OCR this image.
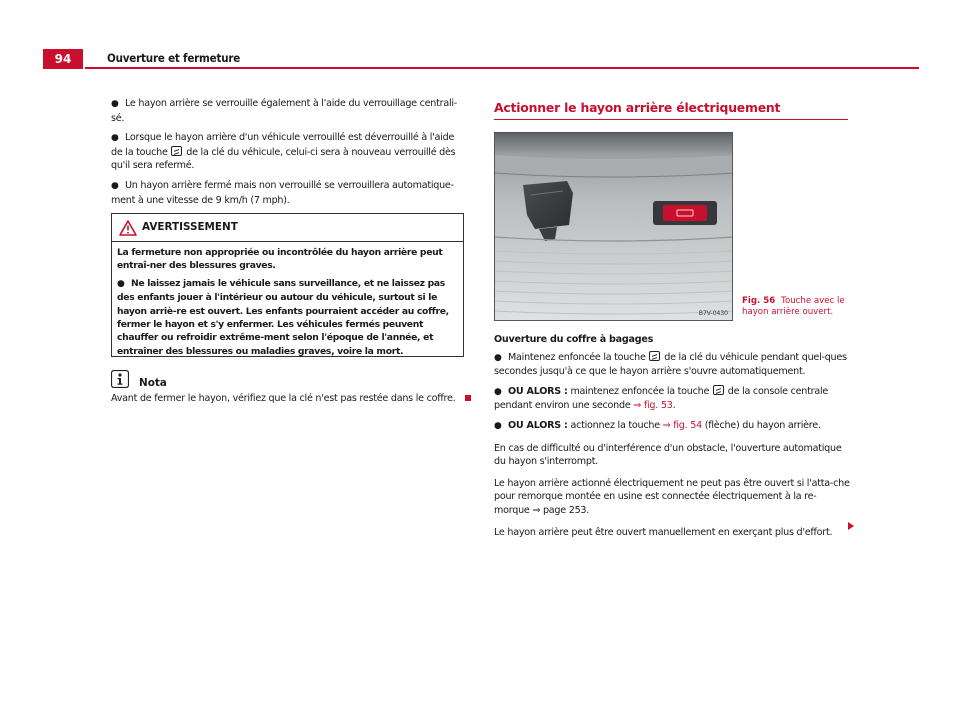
94	Ouverture et fermeture

● Le hayon arrière se verrouille également à l'aide du verrouillage centrali-sé.

● Lorsque le hayon arrière d'un véhicule verrouillé est déverrouillé à l'aide de la touche de la clé du véhicule, celui-ci sera à nouveau verrouillé dès qu'il sera refermé.

● Un hayon arrière fermé mais non verrouillé se verrouillera automatique-ment à une vitesse de 9 km/h (7 mph).

AVERTISSEMENT

La fermeture non appropriée ou incontrôlée du hayon arrière peut entraî-ner des blessures graves.

● Ne laissez jamais le véhicule sans surveillance, et ne laissez pas des enfants jouer à l'intérieur ou autour du véhicule, surtout si le hayon arriè-re est ouvert. Les enfants pourraient accéder au coffre, fermer le hayon et s'y enfermer. Les véhicules fermés peuvent chauffer ou refroidir extrême-ment selon l'époque de l'année, et entraîner des blessures ou maladies graves, voire la mort.

Nota
Avant de fermer le hayon, vérifiez que la clé n'est pas restée dans le coffre.
Actionner le hayon arrière électriquement
B7V-0430
Fig. 56 Touche avec le hayon arrière ouvert.

Ouverture du coffre à bagages

● Maintenez enfoncée la touche de la clé du véhicule pendant quel-ques secondes jusqu'à ce que le hayon arrière s'ouvre automatiquement.

● OU ALORS : maintenez enfoncée la touche de la console centrale pendant environ une seconde ⇒ fig. 53.

● OU ALORS : actionnez la touche ⇒ fig. 54 (flèche) du hayon arrière.

En cas de difficulté ou d'interférence d'un obstacle, l'ouverture automatique du hayon s'interrompt.

Le hayon arrière actionné électriquement ne peut pas être ouvert si l'atta-che pour remorque montée en usine est connectée électriquement à la re-morque ⇒ page 253.

Le hayon arrière peut être ouvert manuellement en exerçant plus d'effort.
